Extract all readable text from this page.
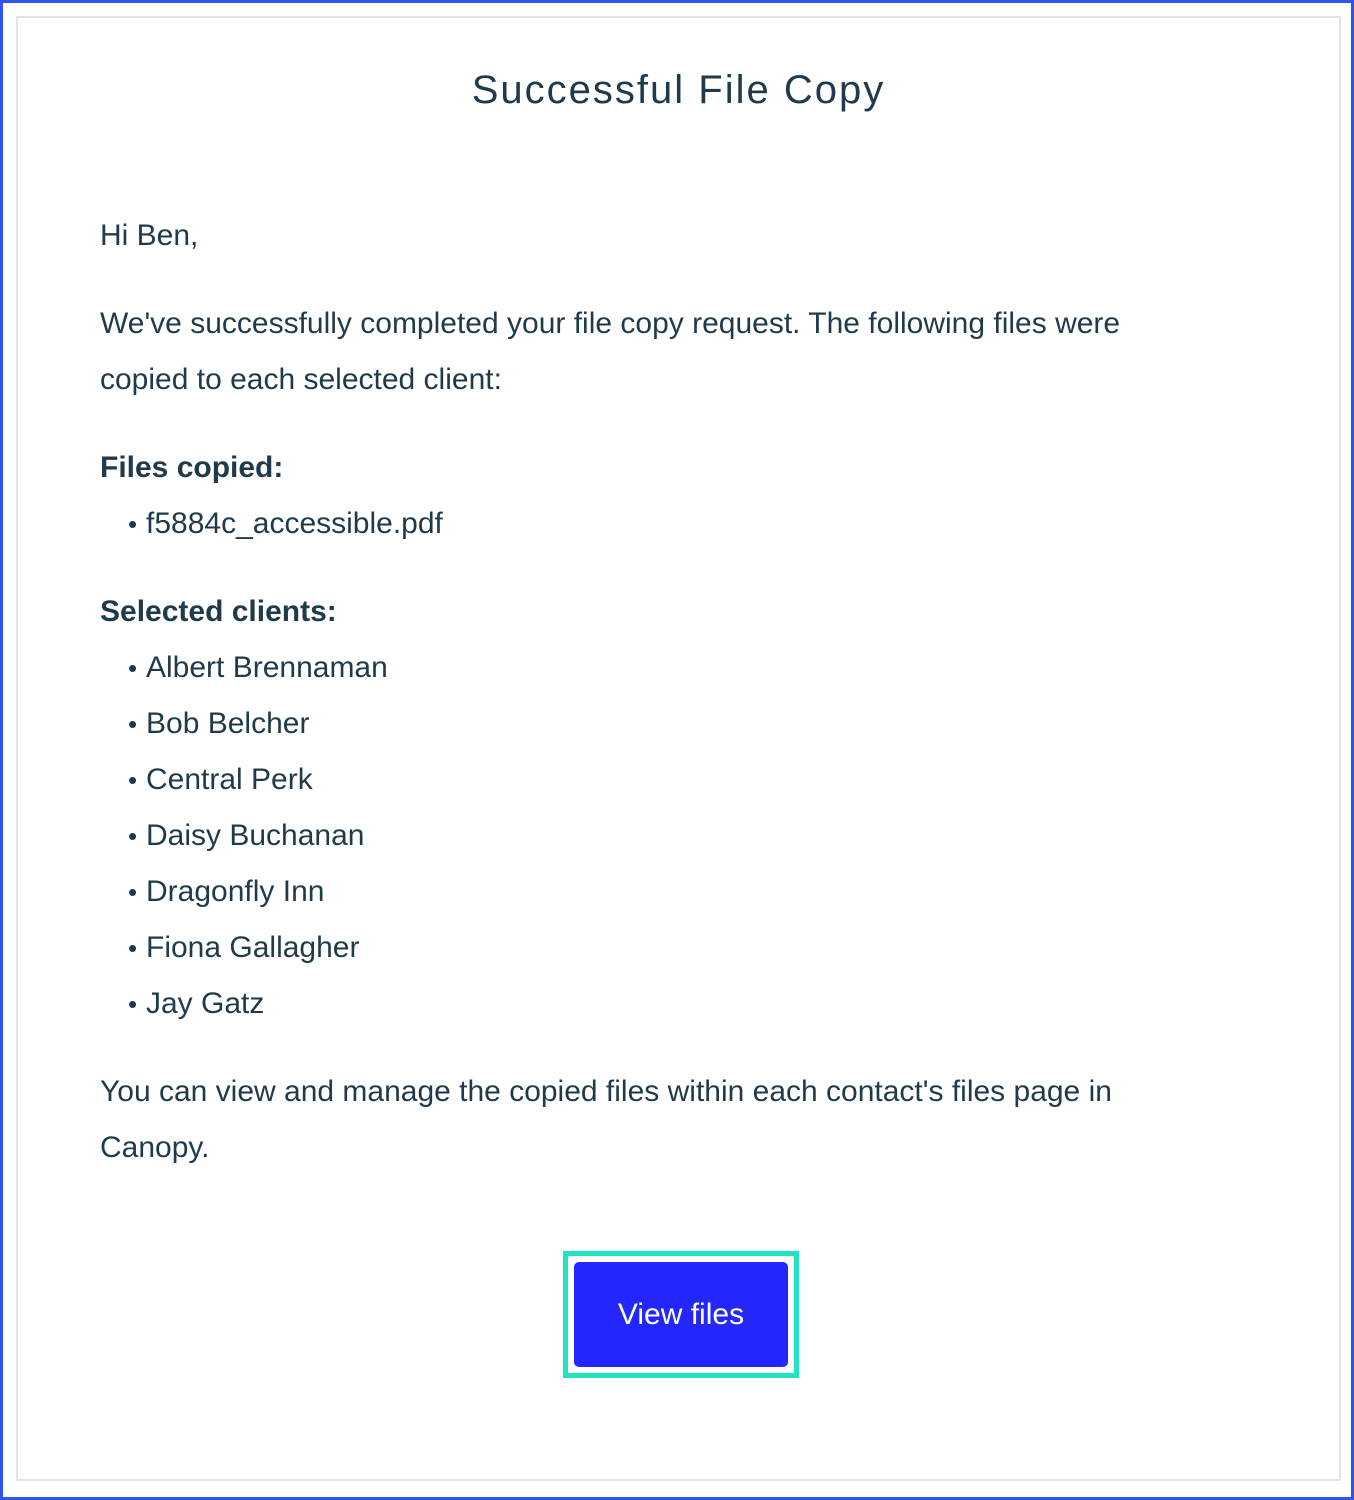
Successful File Copy
Hi Ben,
We've successfully completed your file copy request. The following files were
copied to each selected client:
Files copied:
• f5884c_accessible.pdf
Selected clients:
• Albert Brennaman
• Bob Belcher
• Central Perk
• Daisy Buchanan
• Dragonfly Inn
• Fiona Gallagher
• Jay Gatz
You can view and manage the copied files within each contact's files page in
Canopy.
View files
